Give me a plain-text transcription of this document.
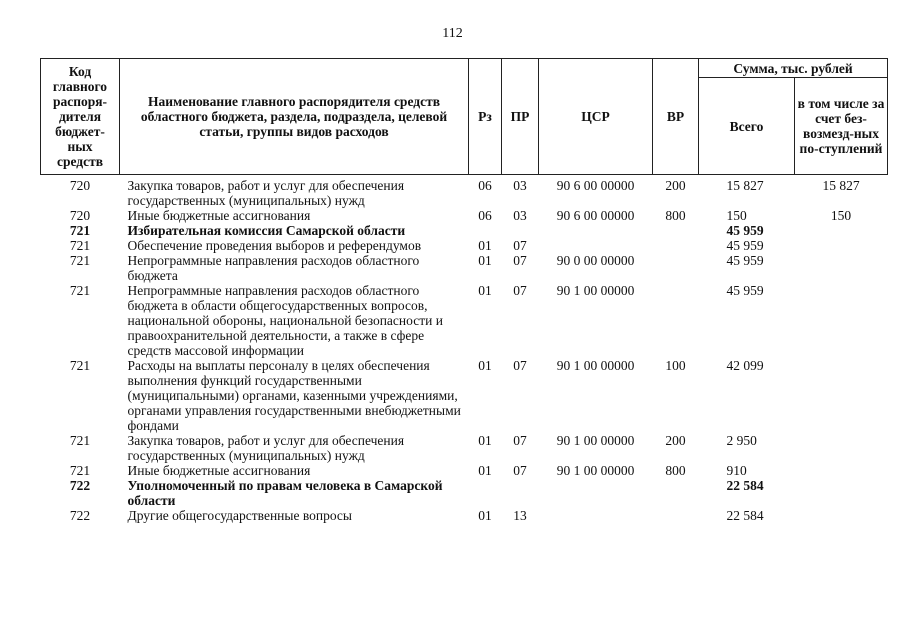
112
Код главного распоря-дителя бюджет-ных средств	Наименование главного распорядителя средств областного бюджета, раздела, подраздела, целевой статьи, группы видов расходов	Рз	ПР	ЦСР	ВР	Сумма, тыс. рублей	
						Всего	в том числе за счет без-возмезд-ных по-ступлений
720	Закупка товаров, работ и услуг для обеспечения государственных (муниципальных) нужд	06	03	90 6 00 00000	200	15 827	15 827
720	Иные бюджетные ассигнования	06	03	90 6 00 00000	800	150	150
721	Избирательная комиссия Самарской области					45 959	
721	Обеспечение проведения выборов и референдумов	01	07			45 959	
721	Непрограммные направления расходов областного бюджета	01	07	90 0 00 00000		45 959	
721	Непрограммные направления расходов областного бюджета в области общегосударственных вопросов, национальной обороны, национальной безопасности и правоохранительной деятельности, а также в сфере средств массовой информации	01	07	90 1 00 00000		45 959	
721	Расходы на выплаты персоналу в целях обеспечения выполнения функций государственными (муниципальными) органами, казенными учреждениями, органами управления государственными внебюджетными фондами	01	07	90 1 00 00000	100	42 099	
721	Закупка товаров, работ и услуг для обеспечения государственных (муниципальных) нужд	01	07	90 1 00 00000	200	2 950	
721	Иные бюджетные ассигнования	01	07	90 1 00 00000	800	910	
722	Уполномоченный по правам человека в Самарской области					22 584	
722	Другие общегосударственные вопросы	01	13			22 584	
